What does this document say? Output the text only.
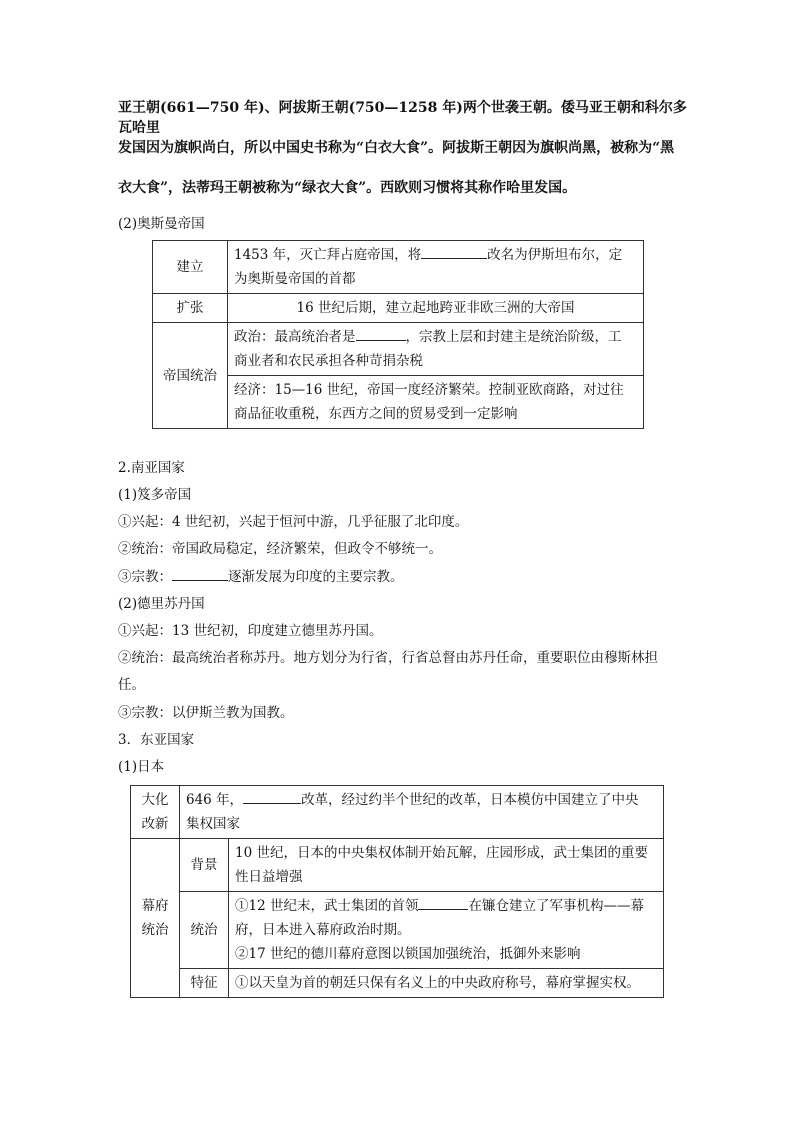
亚王朝(661—750 年)、阿拔斯王朝(750—1258 年)两个世袭王朝。倭马亚王朝和科尔多瓦哈里
发国因为旗帜尚白，所以中国史书称为“白衣大食”。阿拔斯王朝因为旗帜尚黑，被称为“黑
衣大食”，法蒂玛王朝被称为“绿衣大食”。西欧则习惯将其称作哈里发国。
(2)奥斯曼帝国
建立	1453 年，灭亡拜占庭帝国，将 改名为伊斯坦布尔，定
为奥斯曼帝国的首都
扩张	16 世纪后期，建立起地跨亚非欧三洲的大帝国
帝国统治	政治：最高统治者是 ，宗教上层和封建主是统治阶级，工
商业者和农民承担各种苛捐杂税
	经济：15—16 世纪，帝国一度经济繁荣。控制亚欧商路，对过往
商品征收重税，东西方之间的贸易受到一定影响
2.南亚国家
(1)笈多帝国
①兴起：4 世纪初，兴起于恒河中游，几乎征服了北印度。
②统治：帝国政局稳定，经济繁荣，但政令不够统一。
③宗教：	逐渐发展为印度的主要宗教。
(2)德里苏丹国
①兴起：13 世纪初，印度建立德里苏丹国。
②统治：最高统治者称苏丹。地方划分为行省，行省总督由苏丹任命，重要职位由穆斯林担
任。
③宗教：以伊斯兰教为国教。
3．东亚国家
(1)日本
大化
改新	646 年， 改革，经过约半个世纪的改革，日本模仿中国建立了中央
集权国家	
幕府
统治	背景	10 世纪，日本的中央集权体制开始瓦解，庄园形成，武士集团的重要
性日益增强
	统治	①12 世纪末，武士集团的首领 在镰仓建立了军事机构——幕
府，日本进入幕府政治时期。
②17 世纪的德川幕府意图以锁国加强统治，抵御外来影响
	特征	①以天皇为首的朝廷只保有名义上的中央政府称号，幕府掌握实权。
